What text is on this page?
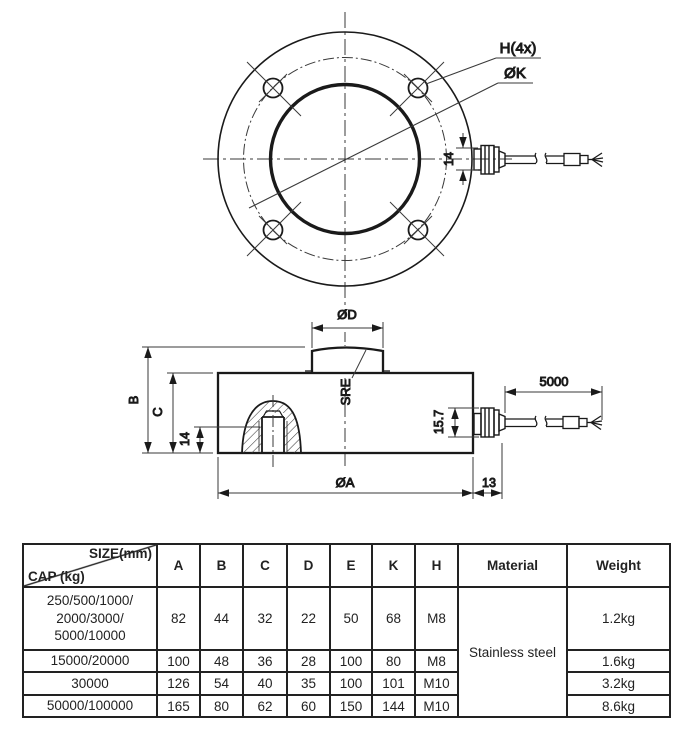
H(4x)
ØK
14
SRE
ØD
B
C
14
15.7
5000
ØA	13
SIZE(mm)
CAP (kg)	A	B	C	D	E	K	H	Material	Weight

250/500/1000/
2000/3000/
5000/10000	82	44	32	22	50	68	M8	Stainless steel	1.2kg
15000/20000	100	48	36	28	100	80	M8		1.6kg
30000	126	54	40	35	100	101	M10		3.2kg
50000/100000	165	80	62	60	150	144	M10		8.6kg
